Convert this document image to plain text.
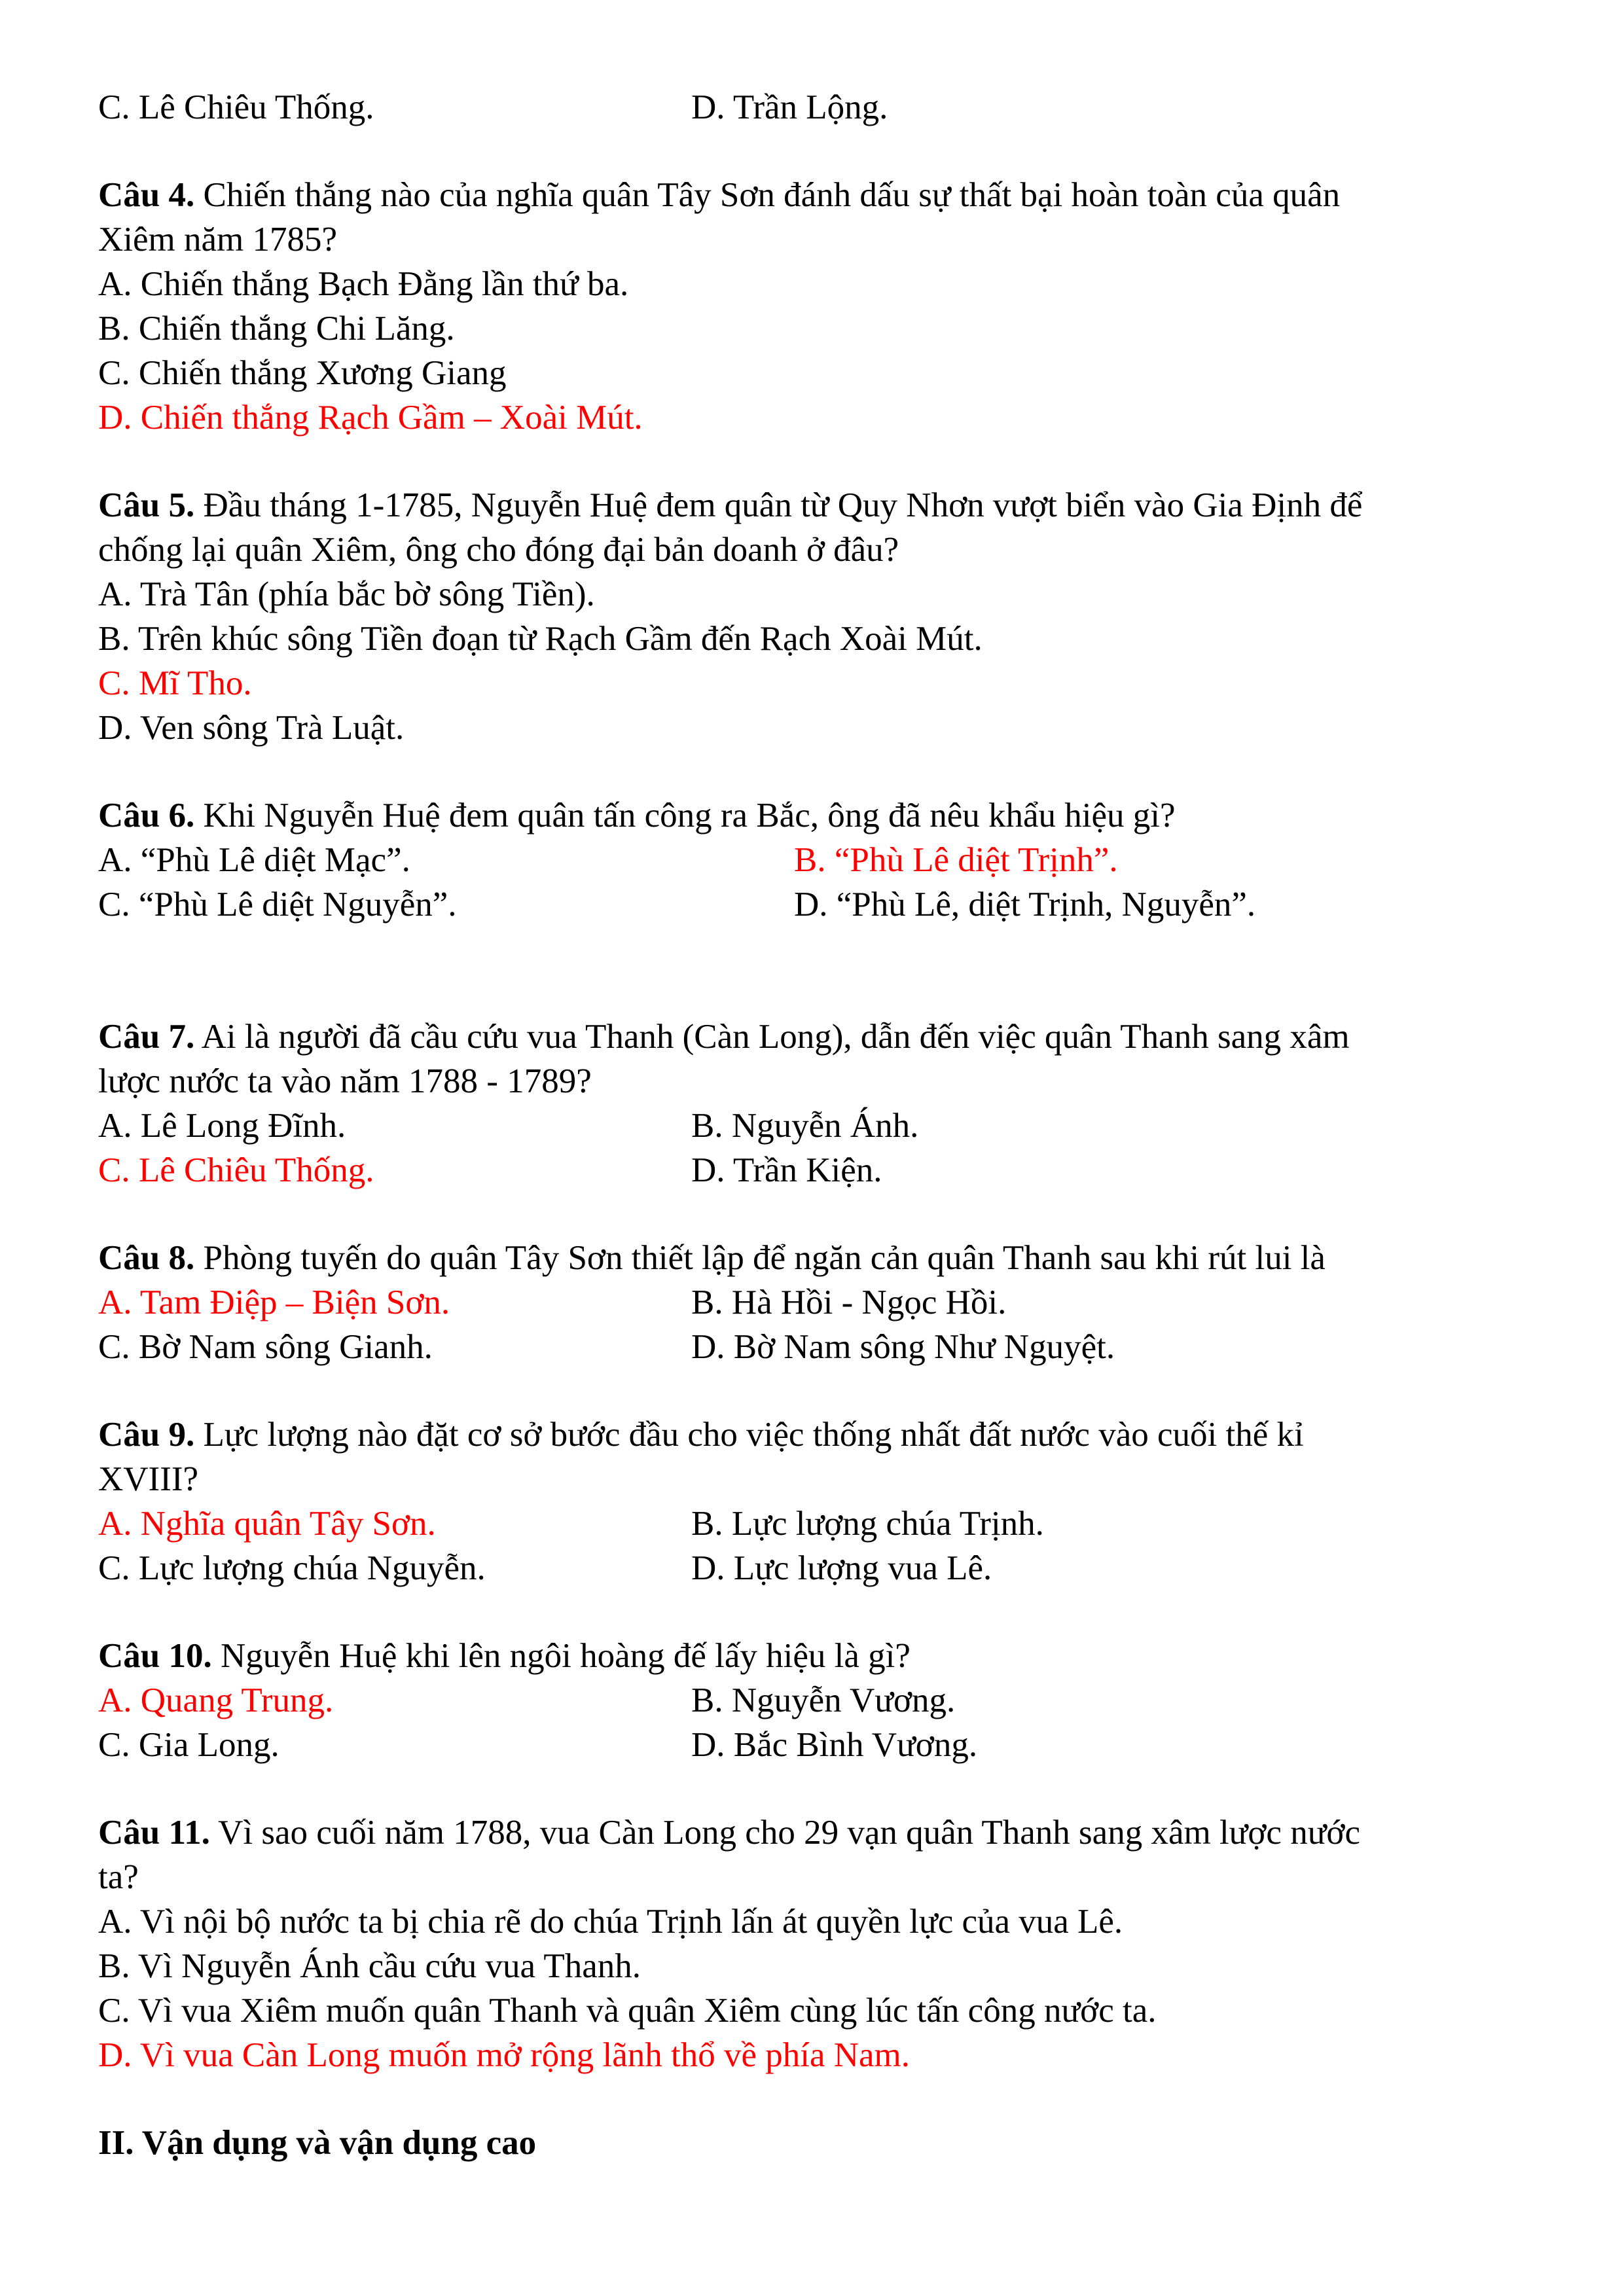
C. Lê Chiêu Thống.	D. Trần Lộng.
Câu 4. Chiến thắng nào của nghĩa quân Tây Sơn đánh dấu sự thất bại hoàn toàn của quân
Xiêm năm 1785?
A. Chiến thắng Bạch Đằng lần thứ ba.
B. Chiến thắng Chi Lăng.
C. Chiến thắng Xương Giang
D. Chiến thắng Rạch Gầm – Xoài Mút.
Câu 5. Đầu tháng 1-1785, Nguyễn Huệ đem quân từ Quy Nhơn vượt biển vào Gia Định để
chống lại quân Xiêm, ông cho đóng đại bản doanh ở đâu?
A. Trà Tân (phía bắc bờ sông Tiền).
B. Trên khúc sông Tiền đoạn từ Rạch Gầm đến Rạch Xoài Mút.
C. Mĩ Tho.
D. Ven sông Trà Luật.
Câu 6. Khi Nguyễn Huệ đem quân tấn công ra Bắc, ông đã nêu khẩu hiệu gì?
A. “Phù Lê diệt Mạc”.	B. “Phù Lê diệt Trịnh”.
C. “Phù Lê diệt Nguyễn”.	D. “Phù Lê, diệt Trịnh, Nguyễn”.
Câu 7. Ai là người đã cầu cứu vua Thanh (Càn Long), dẫn đến việc quân Thanh sang xâm
lược nước ta vào năm 1788 - 1789?
A. Lê Long Đĩnh.	B. Nguyễn Ánh.
C. Lê Chiêu Thống.	D. Trần Kiện.
Câu 8. Phòng tuyến do quân Tây Sơn thiết lập để ngăn cản quân Thanh sau khi rút lui là
A. Tam Điệp – Biện Sơn.	B. Hà Hồi - Ngọc Hồi.
C. Bờ Nam sông Gianh.	D. Bờ Nam sông Như Nguyệt.
Câu 9. Lực lượng nào đặt cơ sở bước đầu cho việc thống nhất đất nước vào cuối thế kỉ
XVIII?
A. Nghĩa quân Tây Sơn.	B. Lực lượng chúa Trịnh.
C. Lực lượng chúa Nguyễn.	D. Lực lượng vua Lê.
Câu 10. Nguyễn Huệ khi lên ngôi hoàng đế lấy hiệu là gì?
A. Quang Trung.	B. Nguyễn Vương.
C. Gia Long.	D. Bắc Bình Vương.
Câu 11. Vì sao cuối năm 1788, vua Càn Long cho 29 vạn quân Thanh sang xâm lược nước
ta?
A. Vì nội bộ nước ta bị chia rẽ do chúa Trịnh lấn át quyền lực của vua Lê.
B. Vì Nguyễn Ánh cầu cứu vua Thanh.
C. Vì vua Xiêm muốn quân Thanh và quân Xiêm cùng lúc tấn công nước ta.
D. Vì vua Càn Long muốn mở rộng lãnh thổ về phía Nam.
II. Vận dụng và vận dụng cao
